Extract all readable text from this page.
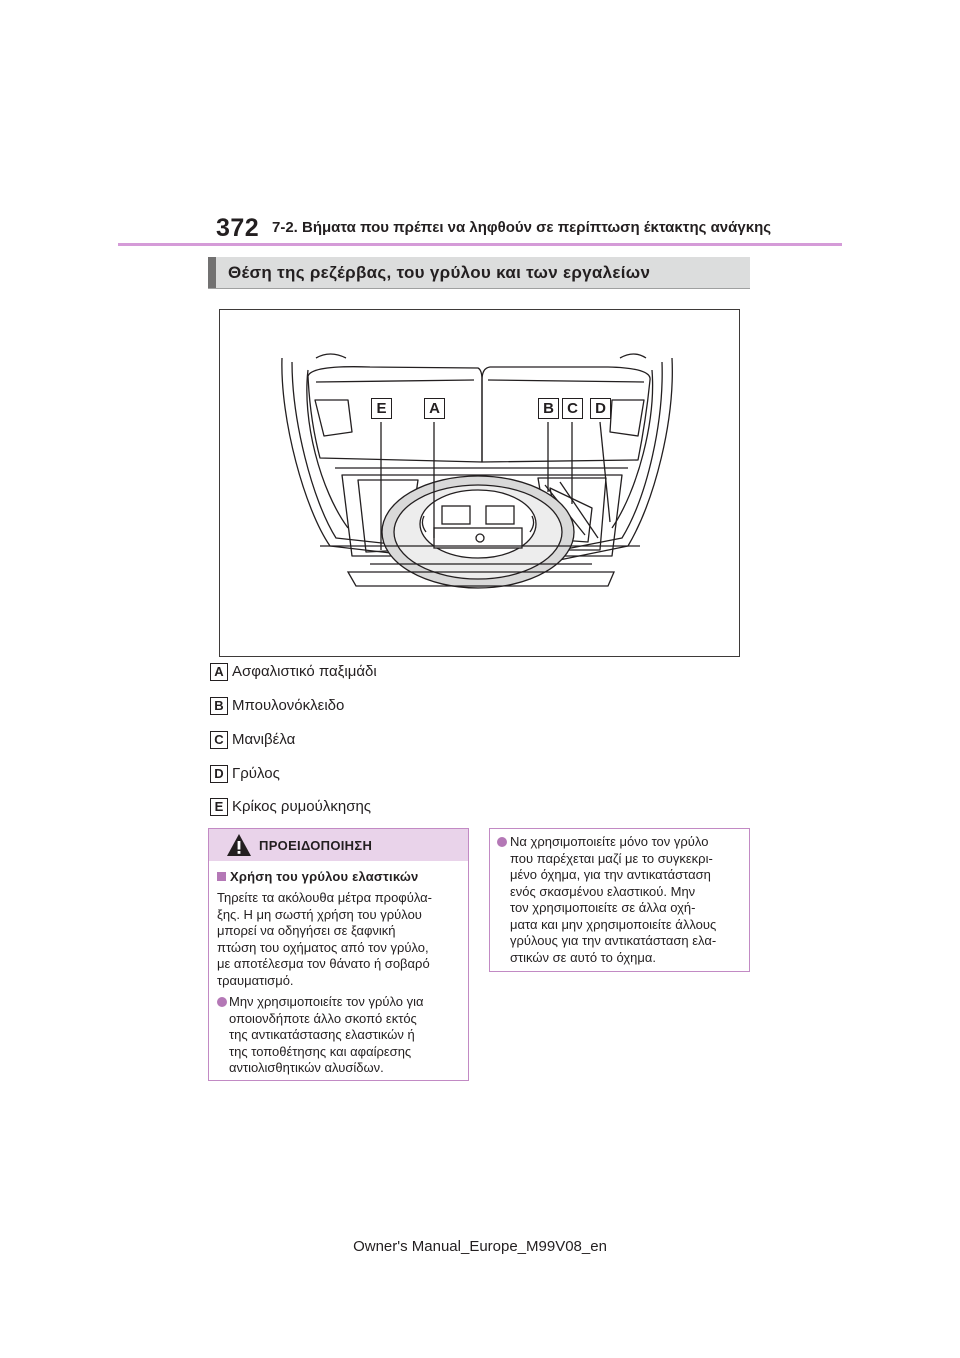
372 7-2. Βήματα που πρέπει να ληφθούν σε περίπτωση έκτακτης ανάγκης
Θέση της ρεζέρβας, του γρύλου και των εργαλείων
E	A	B C	D
A Ασφαλιστικό παξιμάδι
B Μπουλονόκλειδο
C Μανιβέλα
D Γρύλος
E Κρίκος ρυμούλκησης
ΠΡΟΕΙΔΟΠΟΙΗΣΗ
Χρήση του γρύλου ελαστικών
Τηρείτε τα ακόλουθα μέτρα προφύλα-
ξης. Η μη σωστή χρήση του γρύλου
μπορεί να οδηγήσει σε ξαφνική
πτώση του οχήματος από τον γρύλο,
με αποτέλεσμα τον θάνατο ή σοβαρό
τραυματισμό.
Μην χρησιμοποιείτε τον γρύλο για
οποιονδήποτε άλλο σκοπό εκτός
της αντικατάστασης ελαστικών ή
της τοποθέτησης και αφαίρεσης
αντιολισθητικών αλυσίδων.
Να χρησιμοποιείτε μόνο τον γρύλο
που παρέχεται μαζί με το συγκεκρι-
μένο όχημα, για την αντικατάσταση
ενός σκασμένου ελαστικού. Μην
τον χρησιμοποιείτε σε άλλα οχή-
ματα και μην χρησιμοποιείτε άλλους
γρύλους για την αντικατάσταση ελα-
στικών σε αυτό το όχημα.
Owner's Manual_Europe_M99V08_en
